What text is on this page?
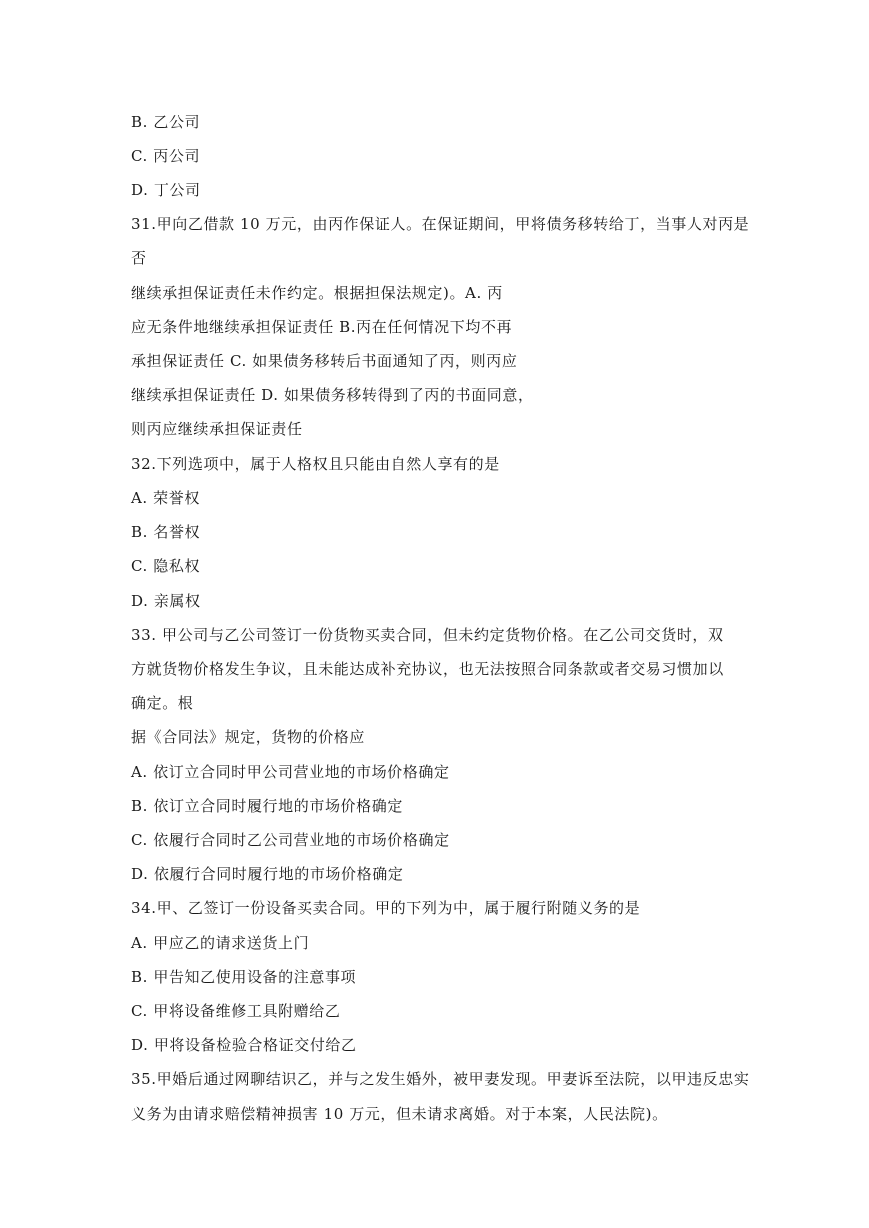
B. 乙公司
C. 丙公司
D. 丁公司
31.甲向乙借款 10 万元，由丙作保证人。在保证期间，甲将债务移转给丁，当事人对丙是
否
继续承担保证责任未作约定。根据担保法规定)。A. 丙
应无条件地继续承担保证责任 B.丙在任何情况下均不再
承担保证责任 C. 如果债务移转后书面通知了丙，则丙应
继续承担保证责任 D. 如果债务移转得到了丙的书面同意，
则丙应继续承担保证责任
32.下列选项中，属于人格权且只能由自然人享有的是
A. 荣誉权
B. 名誉权
C. 隐私权
D. 亲属权
33. 甲公司与乙公司签订一份货物买卖合同，但未约定货物价格。在乙公司交货时，双
方就货物价格发生争议，且未能达成补充协议，也无法按照合同条款或者交易习惯加以
确定。根
据《合同法》规定，货物的价格应
A. 依订立合同时甲公司营业地的市场价格确定
B. 依订立合同时履行地的市场价格确定
C. 依履行合同时乙公司营业地的市场价格确定
D. 依履行合同时履行地的市场价格确定
34.甲、乙签订一份设备买卖合同。甲的下列为中，属于履行附随义务的是
A. 甲应乙的请求送货上门
B. 甲告知乙使用设备的注意事项
C. 甲将设备维修工具附赠给乙
D. 甲将设备检验合格证交付给乙
35.甲婚后通过网聊结识乙，并与之发生婚外，被甲妻发现。甲妻诉至法院，以甲违反忠实
义务为由请求赔偿精神损害 10 万元，但未请求离婚。对于本案，人民法院)。
